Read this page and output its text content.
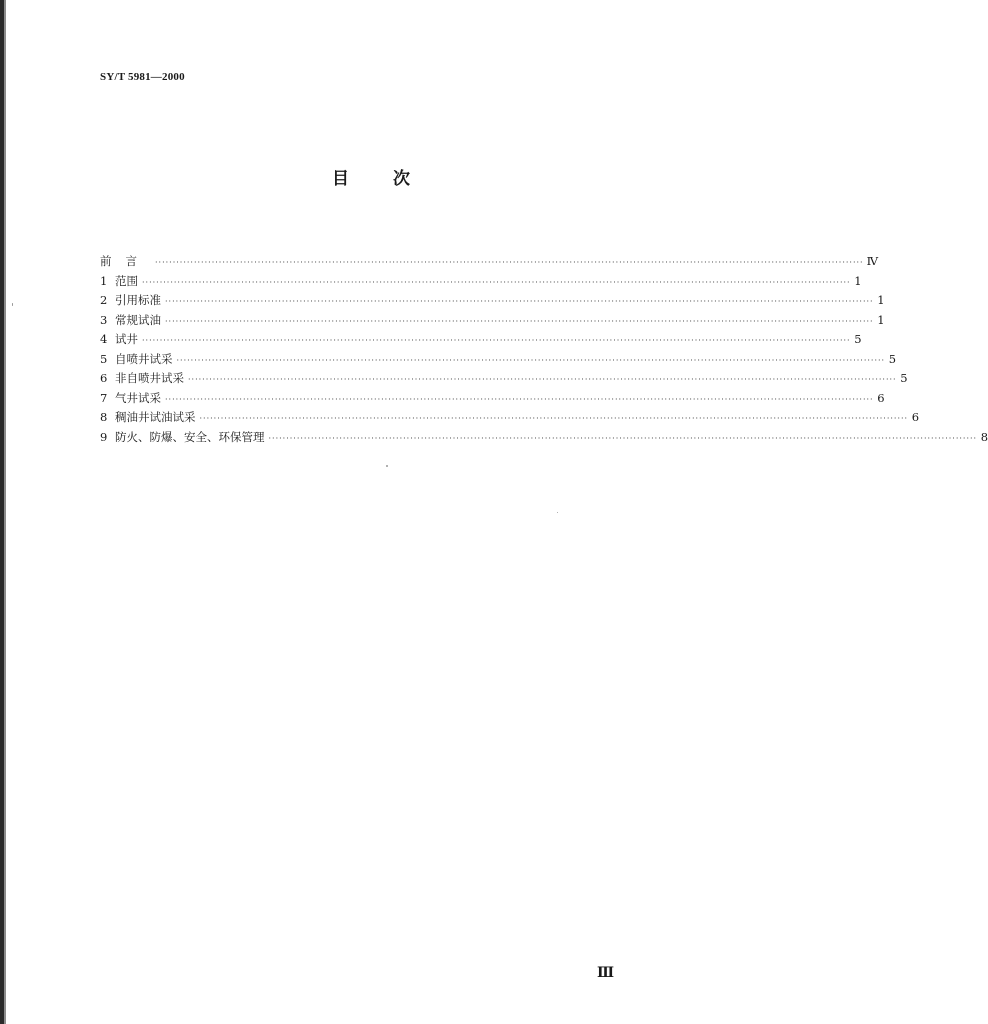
SY/T 5981—2000
目	次
前言 ········································································································································································································ Ⅳ
1 范围 ········································································································································································································ 1
2 引用标准 ········································································································································································································ 1
3 常规试油 ········································································································································································································ 1
4 试井 ········································································································································································································ 5
5 自喷井试采 ········································································································································································································ 5
6 非自喷井试采 ········································································································································································································ 5
7 气井试采 ········································································································································································································ 6
8 稠油井试油试采 ········································································································································································································ 6
9 防火、防爆、安全、环保管理 ········································································································································································································ 8
Ⅲ
